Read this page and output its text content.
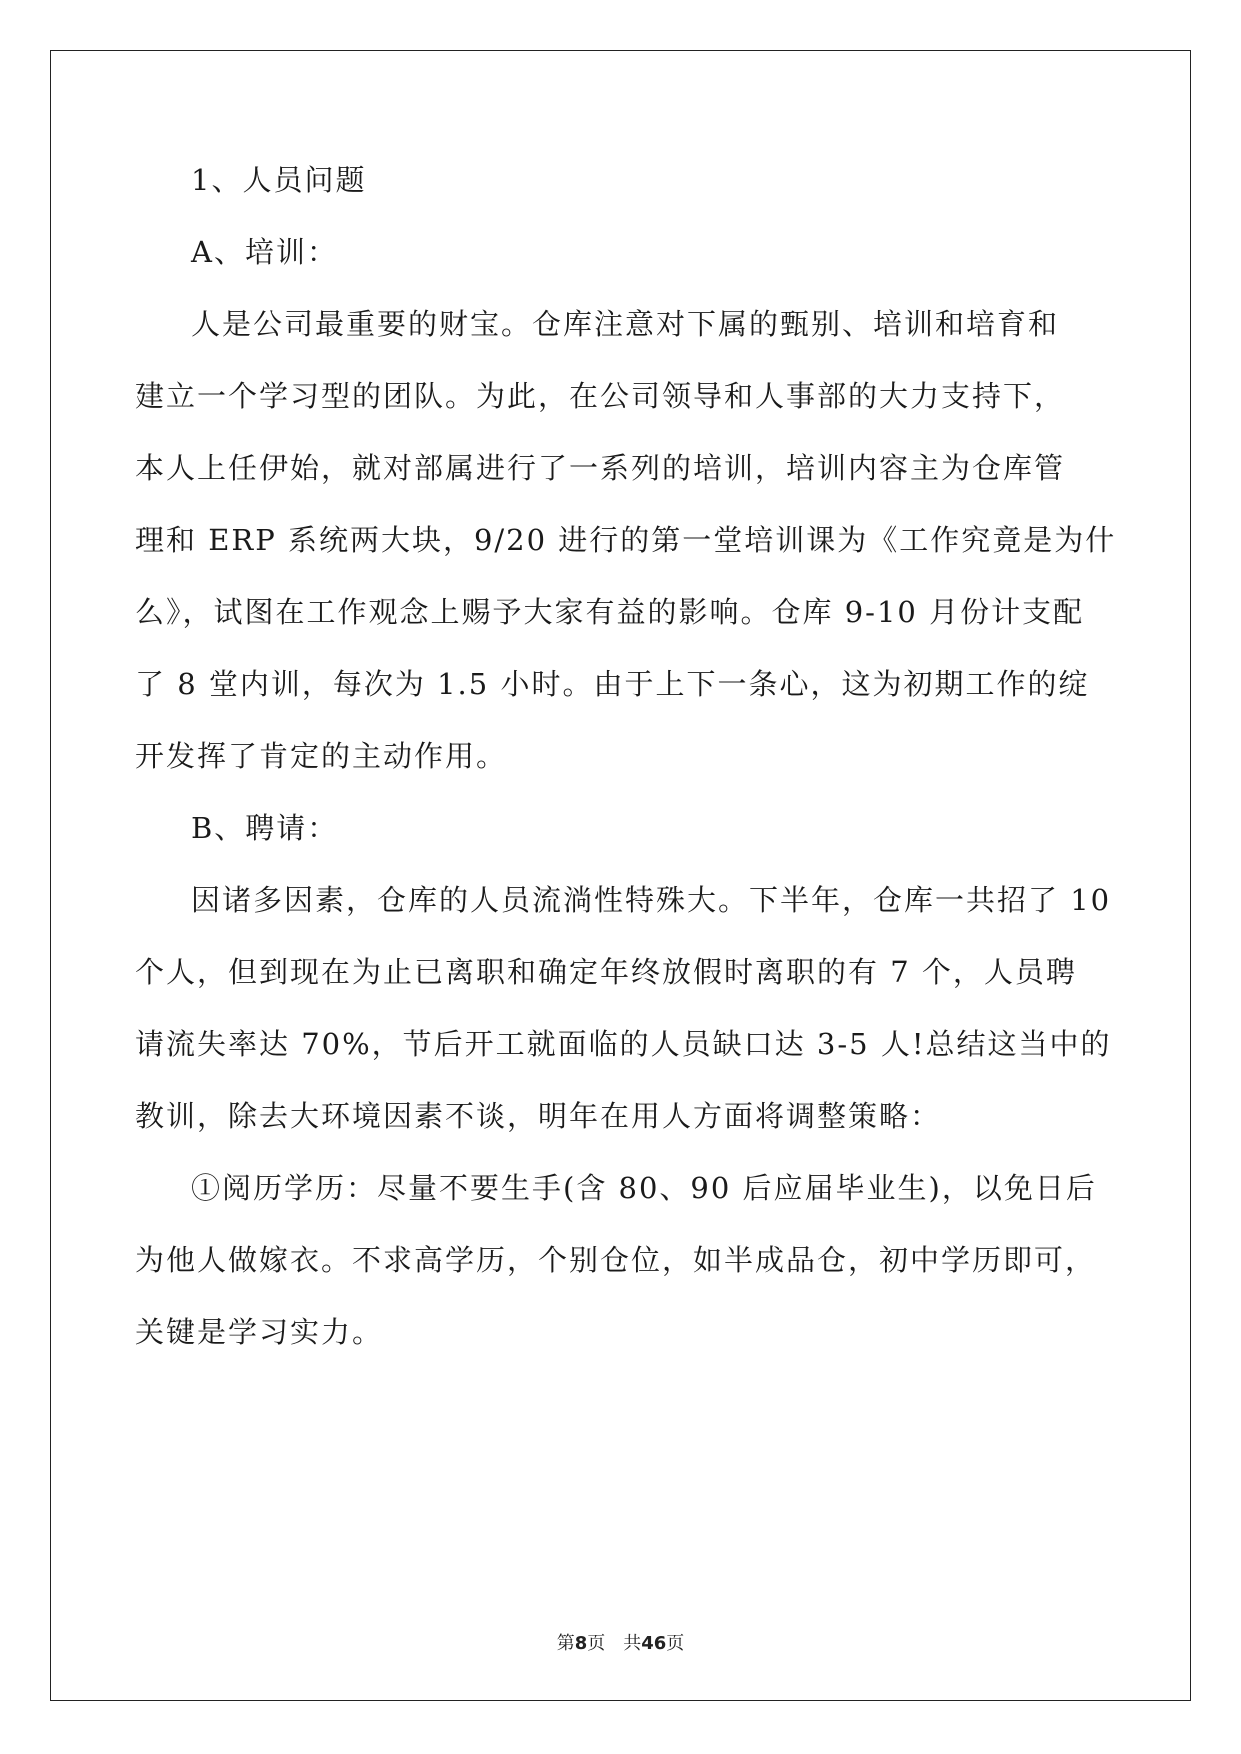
1、人员问题
A、培训：
人是公司最重要的财宝。仓库注意对下属的甄别、培训和培育和
建立一个学习型的团队。为此，在公司领导和人事部的大力支持下，
本人上任伊始，就对部属进行了一系列的培训，培训内容主为仓库管
理和 ERP 系统两大块，9/20 进行的第一堂培训课为《工作究竟是为什
么》，试图在工作观念上赐予大家有益的影响。仓库 9-10 月份计支配
了 8 堂内训，每次为 1.5 小时。由于上下一条心，这为初期工作的绽
开发挥了肯定的主动作用。
B、聘请：
因诸多因素，仓库的人员流淌性特殊大。下半年，仓库一共招了 10
个人，但到现在为止已离职和确定年终放假时离职的有 7 个，人员聘
请流失率达 70%，节后开工就面临的人员缺口达 3-5 人!总结这当中的
教训，除去大环境因素不谈，明年在用人方面将调整策略：
①阅历学历：尽量不要生手(含 80、90 后应届毕业生)，以免日后
为他人做嫁衣。不求高学历，个别仓位，如半成品仓，初中学历即可，
关键是学习实力。
第8页 共46页
